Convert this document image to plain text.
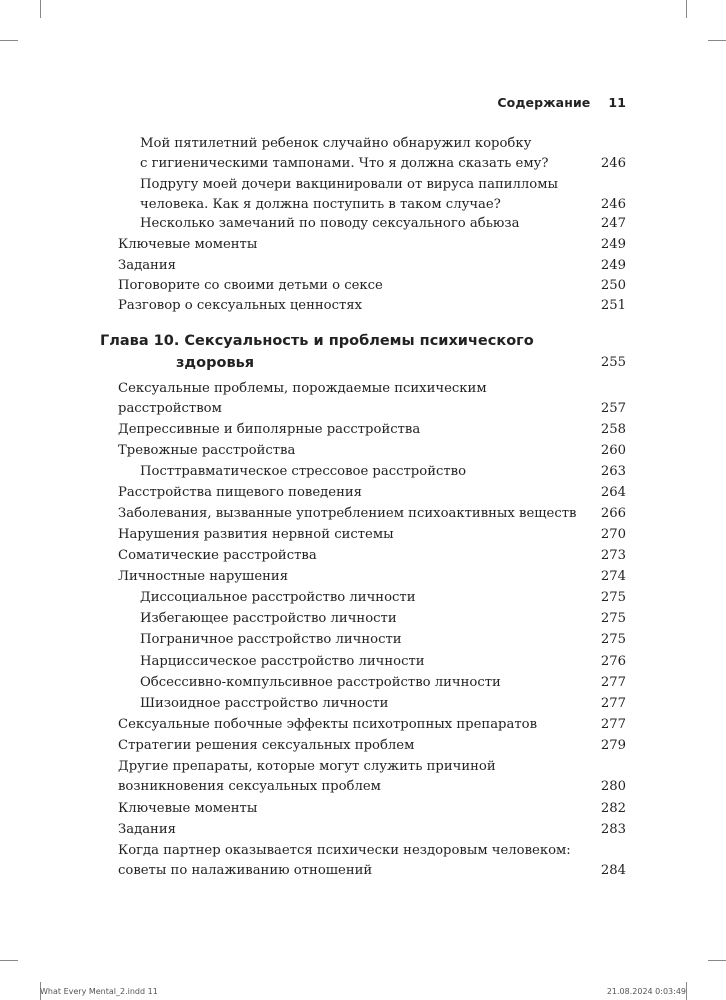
Содержание 11
Мой пятилетний ребенок случайно обнаружил коробку
с гигиеническими тампонами. Что я должна сказать ему?	246
Подругу моей дочери вакцинировали от вируса папилломы
человека. Как я должна поступить в таком случае?	246
Несколько замечаний по поводу сексуального абьюза	247
Ключевые моменты	249
Задания	249
Поговорите со своими детьми о сексе	250
Разговор о сексуальных ценностях	251
Глава 10. Сексуальность и проблемы психического
здоровья	255
Сексуальные проблемы, порождаемые психическим
расстройством	257
Депрессивные и биполярные расстройства	258
Тревожные расстройства	260
Посттравматическое стрессовое расстройство	263
Расстройства пищевого поведения	264
Заболевания, вызванные употреблением психоактивных веществ 266
Нарушения развития нервной системы	270
Соматические расстройства	273
Личностные нарушения	274
Диссоциальное расстройство личности	275
Избегающее расстройство личности	275
Пограничное расстройство личности	275
Нарциссическое расстройство личности	276
Обсессивно-компульсивное расстройство личности	277
Шизоидное расстройство личности	277
Сексуальные побочные эффекты психотропных препаратов	277
Стратегии решения сексуальных проблем	279
Другие препараты, которые могут служить причиной
возникновения сексуальных проблем	280
Ключевые моменты	282
Задания	283
Когда партнер оказывается психически нездоровым человеком:
советы по налаживанию отношений	284
What Every Mental_2.indd 11	21.08.2024 0:03:49
